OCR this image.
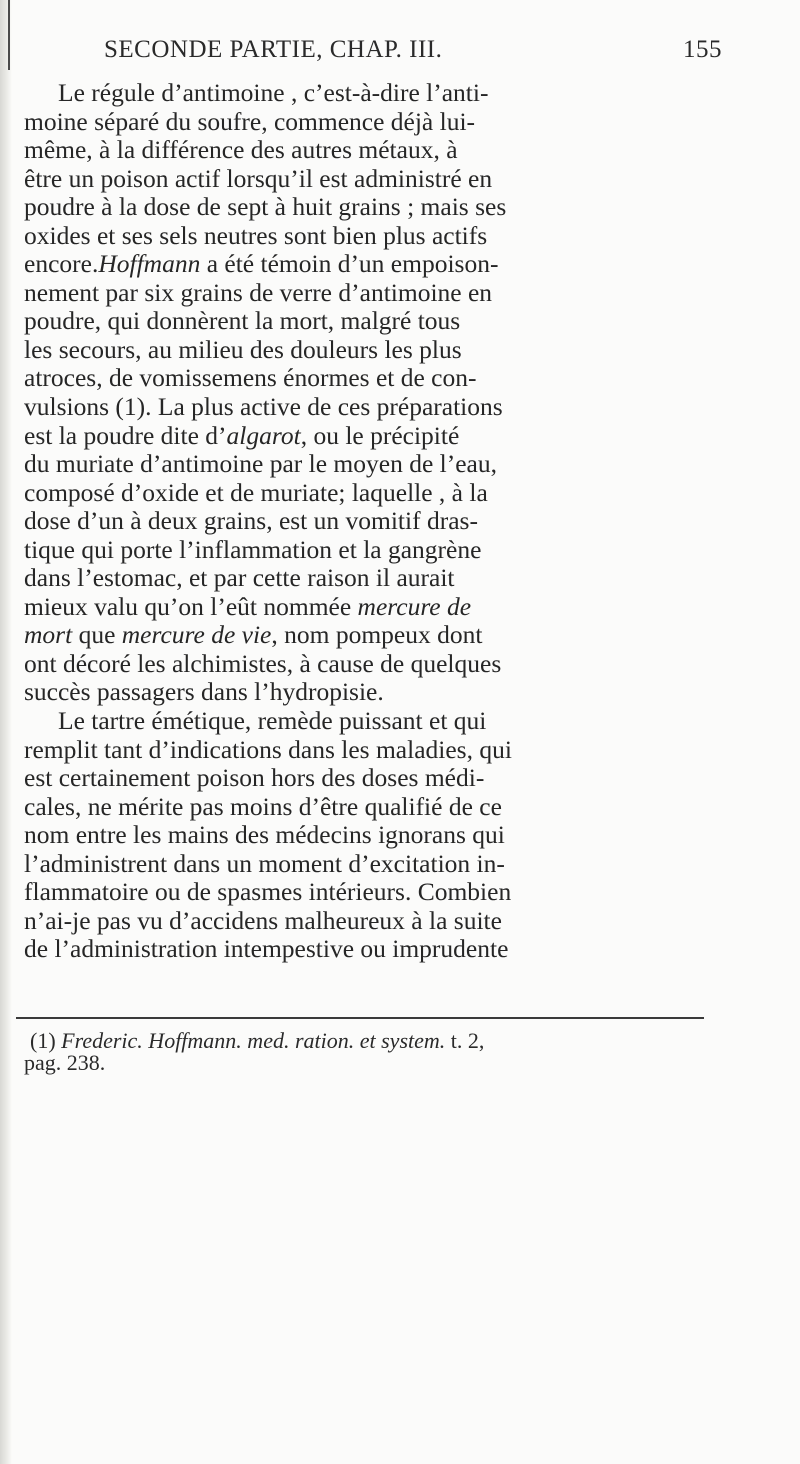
SECONDE PARTIE, CHAP. III.	155
Le régule d’antimoine , c’est-à-dire l’anti-
moine séparé du soufre, commence déjà lui-
même, à la différence des autres métaux, à
être un poison actif lorsqu’il est administré en
poudre à la dose de sept à huit grains ; mais ses
oxides et ses sels neutres sont bien plus actifs
encore.Hoffmann a été témoin d’un empoison-
nement par six grains de verre d’antimoine en
poudre, qui donnèrent la mort, malgré tous
les secours, au milieu des douleurs les plus
atroces, de vomissemens énormes et de con-
vulsions (1). La plus active de ces préparations
est la poudre dite d’algarot, ou le précipité
du muriate d’antimoine par le moyen de l’eau,
composé d’oxide et de muriate; laquelle , à la
dose d’un à deux grains, est un vomitif dras-
tique qui porte l’inflammation et la gangrène
dans l’estomac, et par cette raison il aurait
mieux valu qu’on l’eût nommée mercure de
mort que mercure de vie, nom pompeux dont
ont décoré les alchimistes, à cause de quelques
succès passagers dans l’hydropisie.
Le tartre émétique, remède puissant et qui
remplit tant d’indications dans les maladies, qui
est certainement poison hors des doses médi-
cales, ne mérite pas moins d’être qualifié de ce
nom entre les mains des médecins ignorans qui
l’administrent dans un moment d’excitation in-
flammatoire ou de spasmes intérieurs. Combien
n’ai-je pas vu d’accidens malheureux à la suite
de l’administration intempestive ou imprudente
(1) Frederic. Hoffmann. med. ration. et system. t. 2,
pag. 238.
